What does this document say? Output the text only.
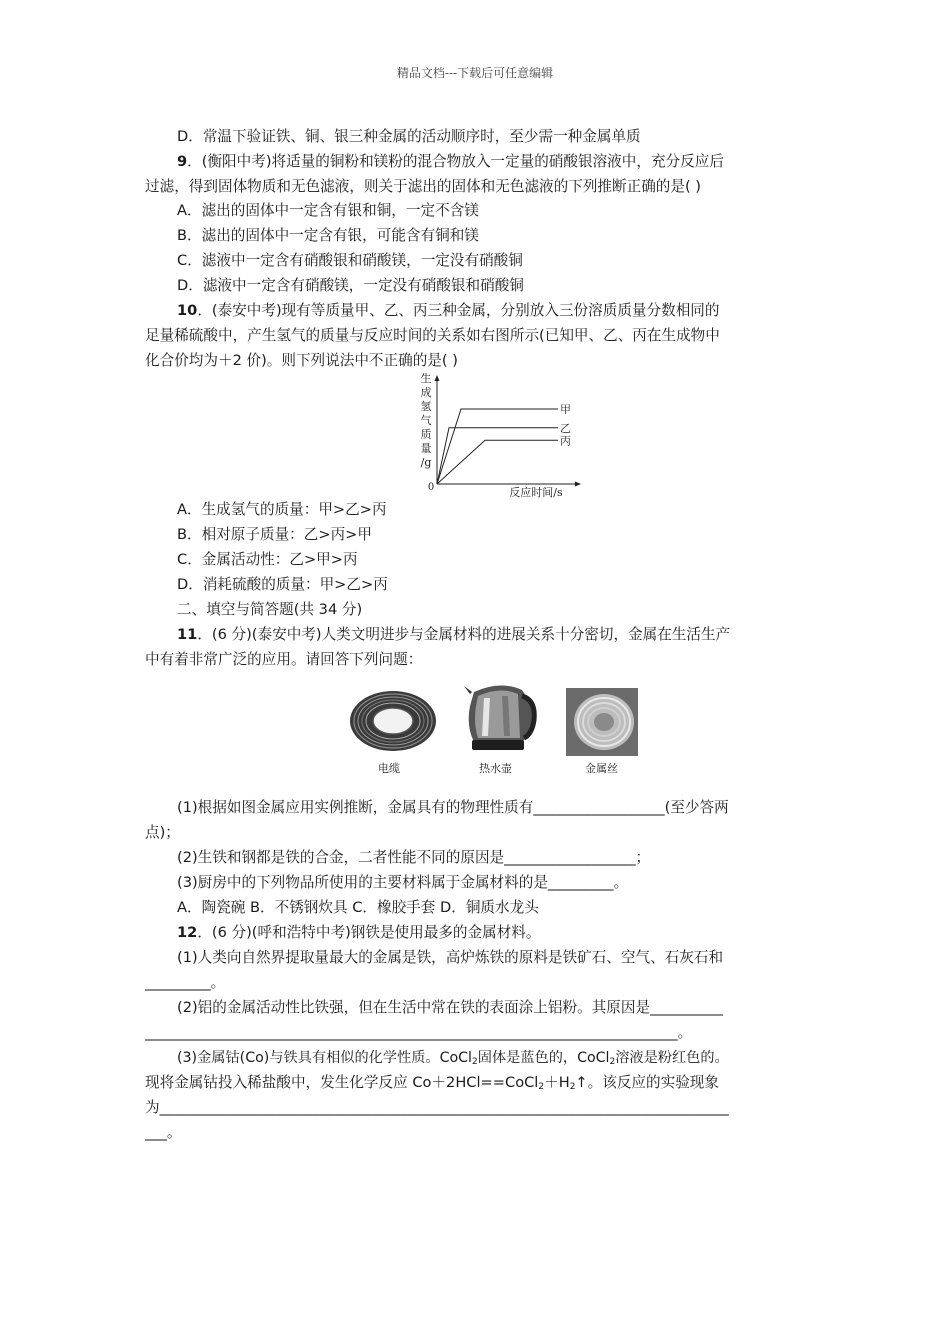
精品文档---下载后可任意编辑
D．常温下验证铁、铜、银三种金属的活动顺序时，至少需一种金属单质
9．(衡阳中考)将适量的铜粉和镁粉的混合物放入一定量的硝酸银溶液中，充分反应后
过滤，得到固体物质和无色滤液，则关于滤出的固体和无色滤液的下列推断正确的是( )
A．滤出的固体中一定含有银和铜，一定不含镁
B．滤出的固体中一定含有银，可能含有铜和镁
C．滤液中一定含有硝酸银和硝酸镁，一定没有硝酸铜
D．滤液中一定含有硝酸镁，一定没有硝酸银和硝酸铜
10．(泰安中考)现有等质量甲、乙、丙三种金属，分别放入三份溶质质量分数相同的
足量稀硫酸中，产生氢气的质量与反应时间的关系如右图所示(已知甲、乙、丙在生成物中
化合价均为＋2 价)。则下列说法中不正确的是( )
生成氢气质量/g
0	反应时间/s
甲
乙
丙
A．生成氢气的质量：甲>乙>丙
B．相对原子质量：乙>丙>甲
C．金属活动性：乙>甲>丙
D．消耗硫酸的质量：甲>乙>丙
二、填空与简答题(共 34 分)
11．(6 分)(泰安中考)人类文明进步与金属材料的进展关系十分密切，金属在生活生产
中有着非常广泛的应用。请回答下列问题：
电缆	热水壶	金属丝
(1)根据如图金属应用实例推断，金属具有的物理性质有__________________(至少答两
点)；
(2)生铁和钢都是铁的合金，二者性能不同的原因是__________________；
(3)厨房中的下列物品所使用的主要材料属于金属材料的是_________。
A．陶瓷碗 B．不锈钢炊具 C．橡胶手套 D．铜质水龙头
12．(6 分)(呼和浩特中考)钢铁是使用最多的金属材料。
(1)人类向自然界提取量最大的金属是铁，高炉炼铁的原料是铁矿石、空气、石灰石和
_________。
(2)铝的金属活动性比铁强，但在生活中常在铁的表面涂上铝粉。其原因是__________
_________________________________________________________________________。
(3)金属钴(Co)与铁具有相似的化学性质。CoCl$_2$固体是蓝色的，CoCl$_2$溶液是粉红色的。
现将金属钴投入稀盐酸中，发生化学反应 $Co+2HCl==CoCl_2+H_2↑$。该反应的实验现象
为______________________________________________________________________________
___。
